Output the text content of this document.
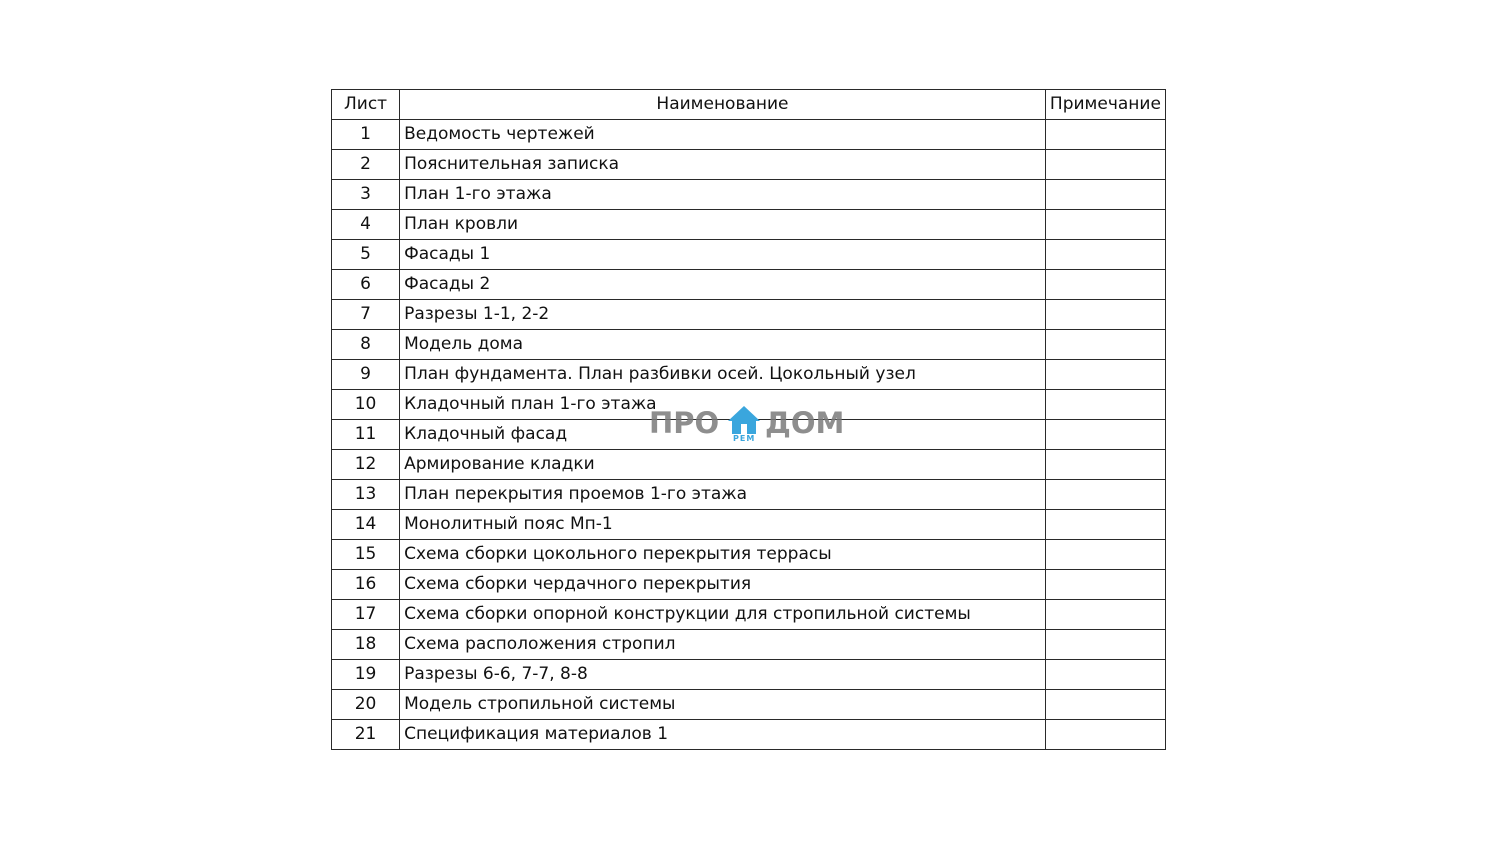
Лист	Наименование	Примечание
1	Ведомость чертежей	
2	Пояснительная записка	
3	План 1-го этажа	
4	План кровли	
5	Фасады 1	
6	Фасады 2	
7	Разрезы 1-1, 2-2	
8	Модель дома	
9	План фундамента. План разбивки осей. Цокольный узел	
10	Кладочный план 1-го этажа	
11	Кладочный фасад	
12	Армирование кладки	
13	План перекрытия проемов 1-го этажа	
14	Монолитный пояс Мп-1	
15	Схема сборки цокольного перекрытия террасы	
16	Схема сборки чердачного перекрытия	
17	Схема сборки опорной конструкции для стропильной системы	
18	Схема расположения стропил	
19	Разрезы 6-6, 7-7, 8-8	
20	Модель стропильной системы	
21	Спецификация материалов 1	
ПРО РЕМ ДОМ
